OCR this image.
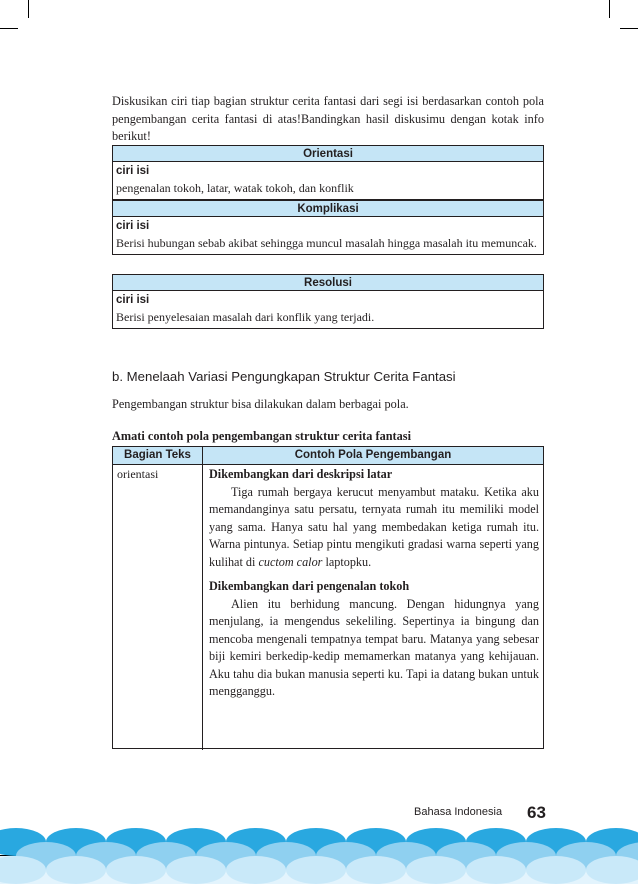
Diskusikan ciri tiap bagian struktur cerita fantasi dari segi isi berdasarkan contoh pola pengembangan cerita fantasi di atas!Bandingkan hasil diskusimu dengan kotak info berikut!
Orientasi
ciri isi
pengenalan tokoh, latar, watak tokoh, dan konflik
Komplikasi
ciri isi
Berisi hubungan sebab akibat sehingga muncul masalah hingga masalah itu memuncak.
Resolusi
ciri isi
Berisi penyelesaian masalah dari konflik yang terjadi.
b. Menelaah Variasi Pengungkapan Struktur Cerita Fantasi
Pengembangan struktur bisa dilakukan dalam berbagai pola.
Amati contoh pola pengembangan struktur cerita fantasi
Bagian Teks	Contoh Pola Pengembangan
orientasi	Dikembangkan dari deskripsi latar

Tiga rumah bergaya kerucut menyambut mataku. Ketika aku memandanginya satu persatu, ternyata rumah itu memiliki model yang sama. Hanya satu hal yang membedakan ketiga rumah itu. Warna pintunya. Setiap pintu mengikuti gradasi warna seperti yang kulihat di cuctom calor laptopku.

Dikembangkan dari pengenalan tokoh

Alien itu berhidung mancung. Dengan hidungnya yang menjulang, ia mengendus sekeliling. Sepertinya ia bingung dan mencoba mengenali tempatnya tempat baru. Matanya yang sebesar biji kemiri berkedip-kedip memamerkan matanya yang kehijauan. Aku tahu dia bukan manusia seperti ku. Tapi ia datang bukan untuk mengganggu.

Bahasa Indonesia 63
